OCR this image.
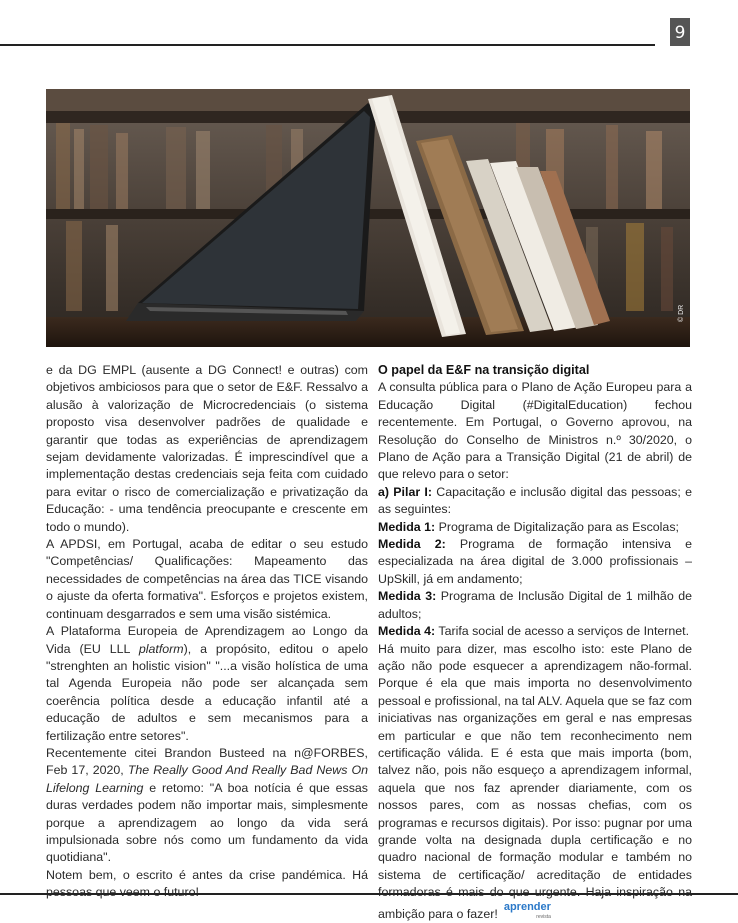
9
© DR

e da DG EMPL (ausente a DG Connect! e outras) com objetivos ambiciosos para que o setor de E&F. Ressalvo a alusão à valorização de Microcredenciais (o sistema proposto visa desenvolver padrões de qualidade e garantir que todas as experiências de aprendizagem sejam devidamente valorizadas. É imprescindível que a implementação destas credenciais seja feita com cuidado para evitar o risco de comercialização e privatização da Educação: - uma tendência preocupante e crescente em todo o mundo).

A APDSI, em Portugal, acaba de editar o seu estudo "Competências/ Qualificações: Mapeamento das necessidades de competências na área das TICE visando o ajuste da oferta formativa". Esforços e projetos existem, continuam desgarrados e sem uma visão sistémica.

A Plataforma Europeia de Aprendizagem ao Longo da Vida (EU LLL platform), a propósito, editou o apelo "strenghten an holistic vision" "...a visão holística de uma tal Agenda Europeia não pode ser alcançada sem coerência política desde a educação infantil até a educação de adultos e sem mecanismos para a fertilização entre setores".

Recentemente citei Brandon Busteed na n@FORBES, Feb 17, 2020, The Really Good And Really Bad News On Lifelong Learning e retomo: "A boa notícia é que essas duras verdades podem não importar mais, simplesmente porque a aprendizagem ao longo da vida será impulsionada sobre nós como um fundamento da vida quotidiana".

Notem bem, o escrito é antes da crise pandémica. Há

O papel da E&F na transição digital

A consulta pública para o Plano de Ação Europeu para a Educação Digital (#DigitalEducation) fechou recentemente. Em Portugal, o Governo aprovou, na Resolução do Conselho de Ministros n.º 30/2020, o Plano de Ação para a Transição Digital (21 de abril) de que relevo para o setor:

a) Pilar I: Capacitação e inclusão digital das pessoas; e as seguintes:

Medida 1: Programa de Digitalização para as Escolas;

Medida 2: Programa de formação intensiva e especializada na área digital de 3.000 profissionais – UpSkill, já em andamento;

Medida 3: Programa de Inclusão Digital de 1 milhão de adultos;

Medida 4: Tarifa social de acesso a serviços de Internet.

Há muito para dizer, mas escolho isto: este Plano de ação não pode esquecer a aprendizagem não-formal. Porque é ela que mais importa no desenvolvimento pessoal e profissional, na tal ALV. Aquela que se faz com iniciativas nas organizações em geral e nas empresas em particular e que não tem reconhecimento nem certificação válida. E é esta que mais importa (bom, talvez não, pois não esqueço a aprendizagem informal, aquela que nos faz aprender diariamente, com os nossos pares, com as nossas chefias, com os programas e recursos digitais). Por isso: pugnar por uma grande volta na designada dupla certificação e no quadro nacional de formação modular e também no sistema de certificação/ acreditação de entidades ambição para o fazer! aprender
revista
